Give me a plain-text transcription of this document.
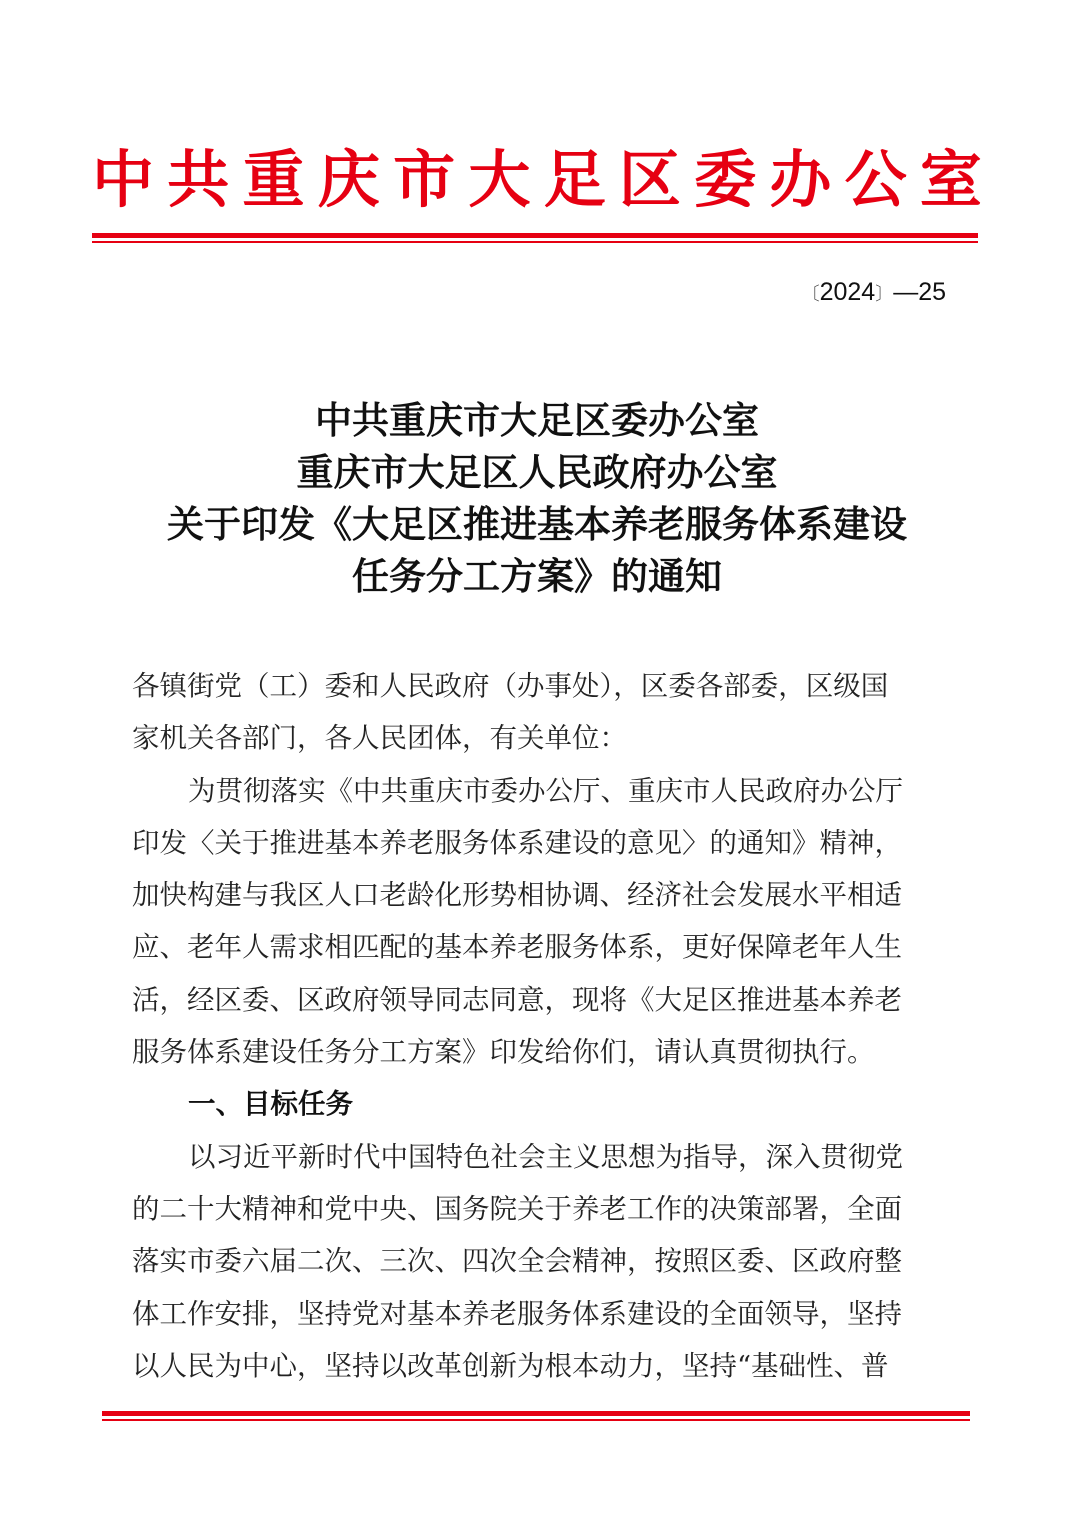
中 共 重 庆 市 大 足 区 委 办 公 室
〔2024〕—25
中共重庆市大足区委办公室
重庆市大足区人民政府办公室
关于印发《大足区推进基本养老服务体系建设
任务分工方案》的通知
各镇街党（工）委和人民政府（办事处），区委各部委，区级国
家机关各部门，各人民团体，有关单位：
为贯彻落实《中共重庆市委办公厅、重庆市人民政府办公厅
印发〈关于推进基本养老服务体系建设的意见〉的通知》精神，
加快构建与我区人口老龄化形势相协调、经济社会发展水平相适
应、老年人需求相匹配的基本养老服务体系，更好保障老年人生
活，经区委、区政府领导同志同意，现将《大足区推进基本养老
服务体系建设任务分工方案》印发给你们，请认真贯彻执行。
一、目标任务
以习近平新时代中国特色社会主义思想为指导，深入贯彻党
的二十大精神和党中央、国务院关于养老工作的决策部署，全面
落实市委六届二次、三次、四次全会精神，按照区委、区政府整
体工作安排，坚持党对基本养老服务体系建设的全面领导，坚持
以人民为中心，坚持以改革创新为根本动力，坚持“基础性、普
